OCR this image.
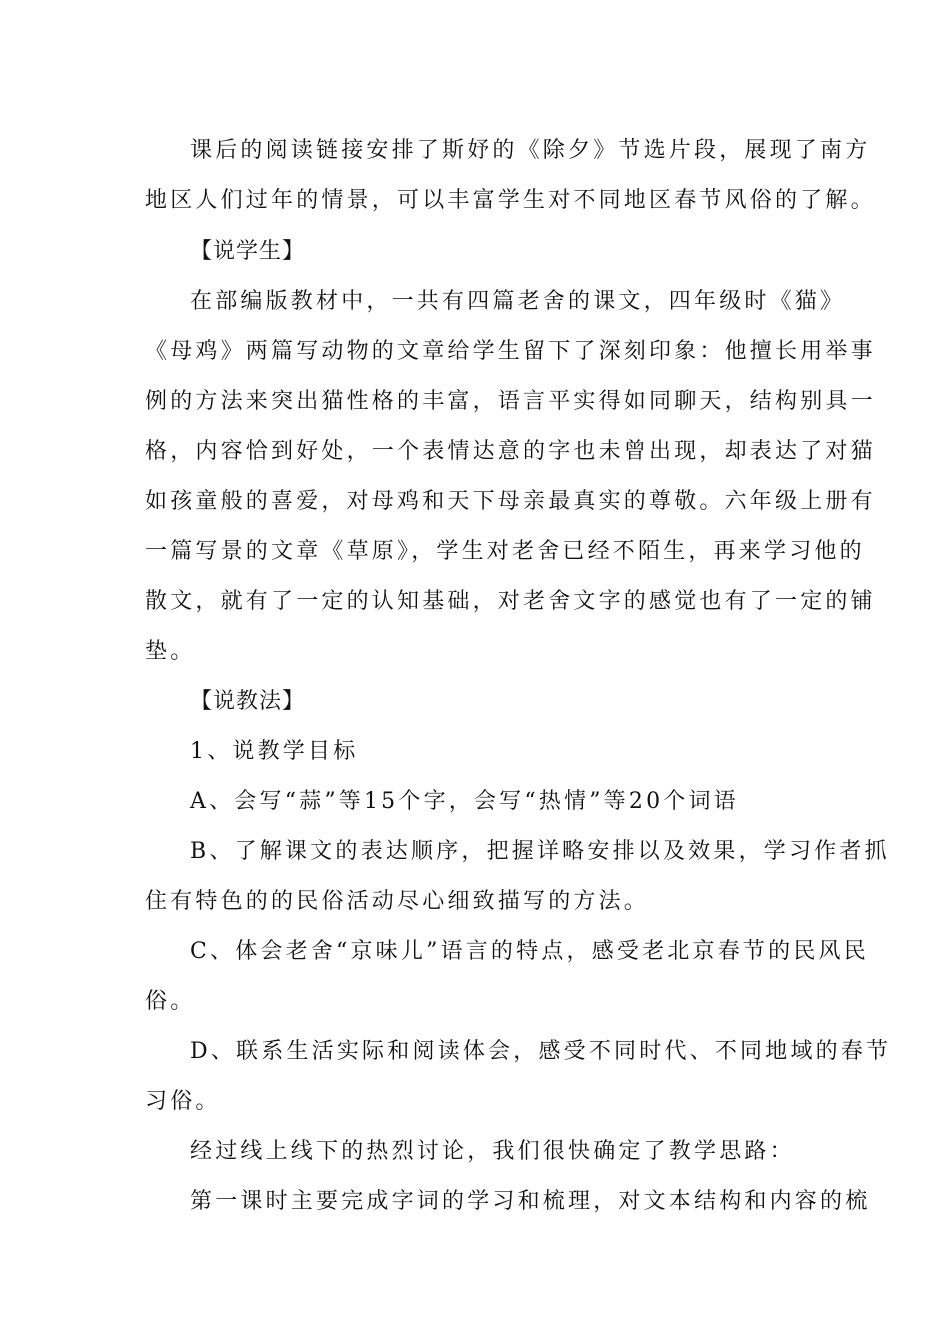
课后的阅读链接安排了斯妤的《除夕》节选片段，展现了南方
地区人们过年的情景，可以丰富学生对不同地区春节风俗的了解。
【说学生】
在部编版教材中，一共有四篇老舍的课文，四年级时《猫》
《母鸡》两篇写动物的文章给学生留下了深刻印象：他擅长用举事
例的方法来突出猫性格的丰富，语言平实得如同聊天，结构别具一
格，内容恰到好处，一个表情达意的字也未曾出现，却表达了对猫
如孩童般的喜爱，对母鸡和天下母亲最真实的尊敬。六年级上册有
一篇写景的文章《草原》，学生对老舍已经不陌生，再来学习他的
散文，就有了一定的认知基础，对老舍文字的感觉也有了一定的铺
垫。
【说教法】
1、说教学目标
A、会写“蒜”等15个字，会写“热情”等20个词语
B、了解课文的表达顺序，把握详略安排以及效果，学习作者抓
住有特色的的民俗活动尽心细致描写的方法。
C、体会老舍“京味儿”语言的特点，感受老北京春节的民风民
俗。
D、联系生活实际和阅读体会，感受不同时代、不同地域的春节
习俗。
经过线上线下的热烈讨论，我们很快确定了教学思路：
第一课时主要完成字词的学习和梳理，对文本结构和内容的梳
